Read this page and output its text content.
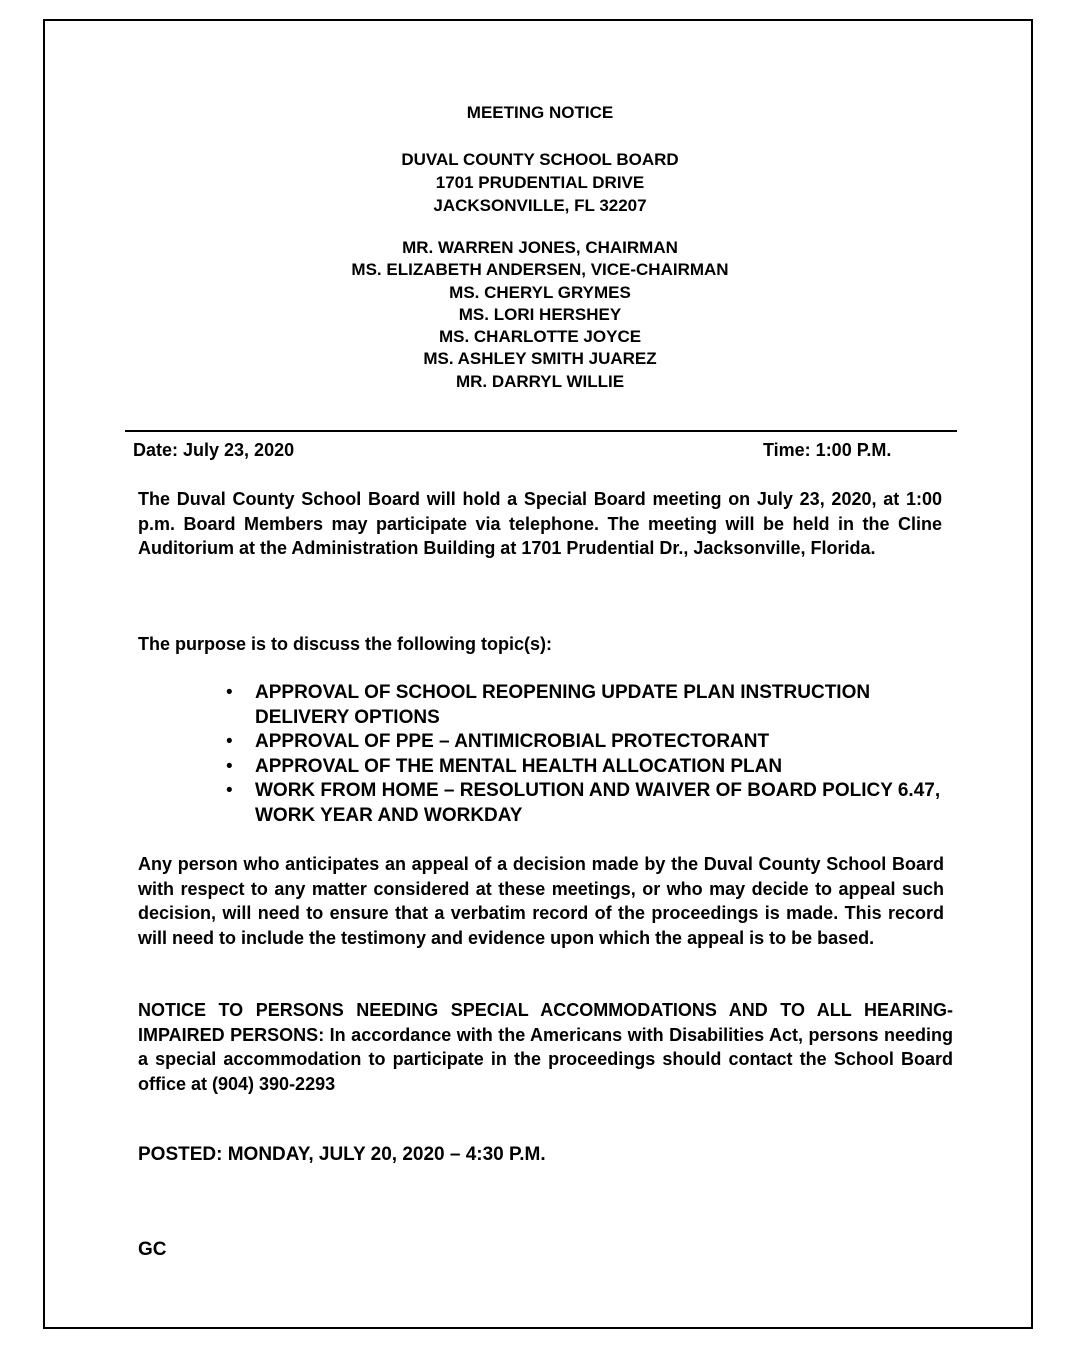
MEETING NOTICE
DUVAL COUNTY SCHOOL BOARD
1701 PRUDENTIAL DRIVE
JACKSONVILLE, FL 32207
MR. WARREN JONES, CHAIRMAN
MS. ELIZABETH ANDERSEN, VICE-CHAIRMAN
MS. CHERYL GRYMES
MS. LORI HERSHEY
MS. CHARLOTTE JOYCE
MS. ASHLEY SMITH JUAREZ
MR. DARRYL WILLIE
Date: July 23, 2020	Time: 1:00 P.M.

The Duval County School Board will hold a Special Board meeting on July 23, 2020, at 1:00 p.m. Board Members may participate via telephone. The meeting will be held in the Cline Auditorium at the Administration Building at 1701 Prudential Dr., Jacksonville, Florida.

The purpose is to discuss the following topic(s):

• APPROVAL OF SCHOOL REOPENING UPDATE PLAN INSTRUCTION DELIVERY OPTIONS
• APPROVAL OF PPE – ANTIMICROBIAL PROTECTORANT
• APPROVAL OF THE MENTAL HEALTH ALLOCATION PLAN
• WORK FROM HOME – RESOLUTION AND WAIVER OF BOARD POLICY 6.47, WORK YEAR AND WORKDAY

Any person who anticipates an appeal of a decision made by the Duval County School Board with respect to any matter considered at these meetings, or who may decide to appeal such decision, will need to ensure that a verbatim record of the proceedings is made. This record will need to include the testimony and evidence upon which the appeal is to be based.

NOTICE TO PERSONS NEEDING SPECIAL ACCOMMODATIONS AND TO ALL HEARING-IMPAIRED PERSONS: In accordance with the Americans with Disabilities Act, persons needing a special accommodation to participate in the proceedings should contact the School Board office at (904) 390-2293

POSTED: MONDAY, JULY 20, 2020 – 4:30 P.M.
GC
